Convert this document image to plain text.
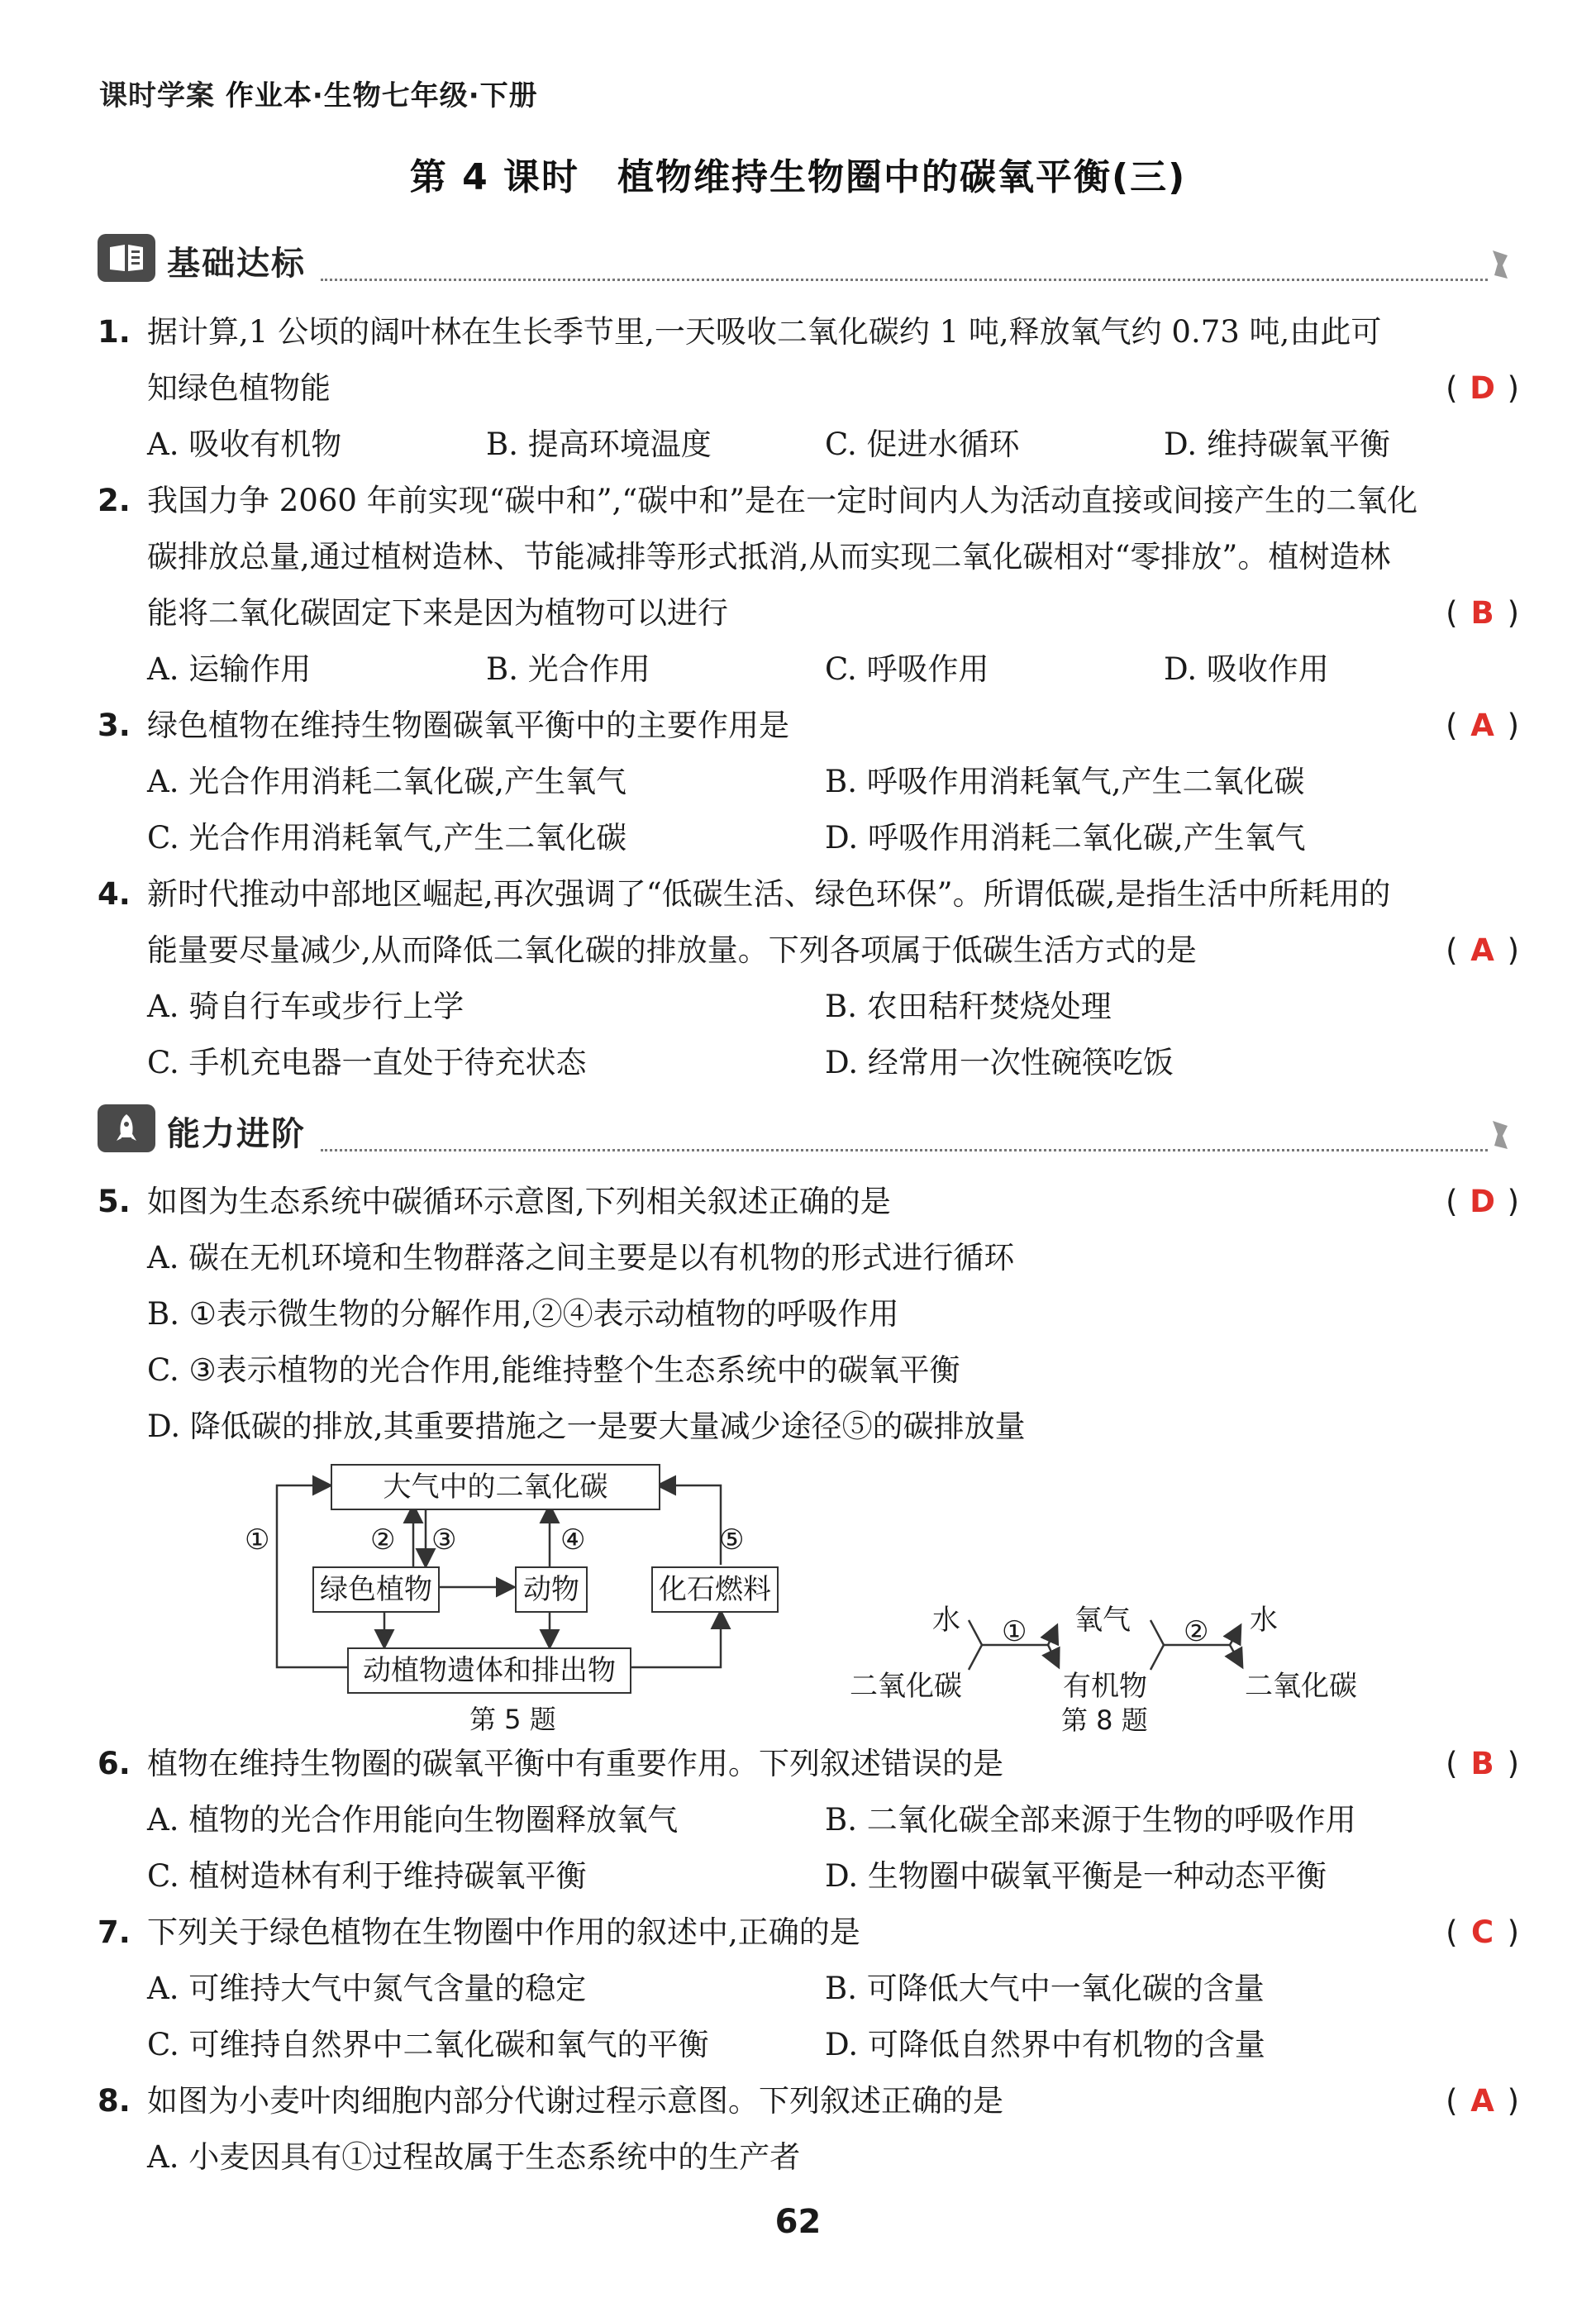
课时学案 作业本·生物七年级·下册
第 4 课时　植物维持生物圈中的碳氧平衡(三)
基础达标
1. 据计算,1 公顷的阔叶林在生长季节里,一天吸收二氧化碳约 1 吨,释放氧气约 0.73 吨,由此可
知绿色植物能	( D )
A. 吸收有机物	B. 提高环境温度	C. 促进水循环	D. 维持碳氧平衡
2. 我国力争 2060 年前实现“碳中和”,“碳中和”是在一定时间内人为活动直接或间接产生的二氧化
碳排放总量,通过植树造林、节能减排等形式抵消,从而实现二氧化碳相对“零排放”。植树造林
能将二氧化碳固定下来是因为植物可以进行	( B )
A. 运输作用	B. 光合作用	C. 呼吸作用	D. 吸收作用
3. 绿色植物在维持生物圈碳氧平衡中的主要作用是	( A )
A. 光合作用消耗二氧化碳,产生氧气	B. 呼吸作用消耗氧气,产生二氧化碳
C. 光合作用消耗氧气,产生二氧化碳	D. 呼吸作用消耗二氧化碳,产生氧气
4. 新时代推动中部地区崛起,再次强调了“低碳生活、绿色环保”。所谓低碳,是指生活中所耗用的
能量要尽量减少,从而降低二氧化碳的排放量。下列各项属于低碳生活方式的是	( A )
A. 骑自行车或步行上学	B. 农田秸秆焚烧处理
C. 手机充电器一直处于待充状态	D. 经常用一次性碗筷吃饭
能力进阶
5. 如图为生态系统中碳循环示意图,下列相关叙述正确的是	( D )
A. 碳在无机环境和生物群落之间主要是以有机物的形式进行循环
B. ①表示微生物的分解作用,②④表示动植物的呼吸作用
C. ③表示植物的光合作用,能维持整个生态系统中的碳氧平衡
D. 降低碳的排放,其重要措施之一是要大量减少途径⑤的碳排放量
大气中的二氧化碳
绿色植物	动物	化石燃料
动植物遗体和排出物
①	② ③	④	⑤
第 5 题
水
二氧化碳
① 氧气
有机物
② 水
二氧化碳
第 8 题
6. 植物在维持生物圈的碳氧平衡中有重要作用。下列叙述错误的是	( B )
A. 植物的光合作用能向生物圈释放氧气	B. 二氧化碳全部来源于生物的呼吸作用
C. 植树造林有利于维持碳氧平衡	D. 生物圈中碳氧平衡是一种动态平衡
7. 下列关于绿色植物在生物圈中作用的叙述中,正确的是	( C )
A. 可维持大气中氮气含量的稳定	B. 可降低大气中一氧化碳的含量
C. 可维持自然界中二氧化碳和氧气的平衡	D. 可降低自然界中有机物的含量
8. 如图为小麦叶肉细胞内部分代谢过程示意图。下列叙述正确的是	( A )
A. 小麦因具有①过程故属于生态系统中的生产者
62
